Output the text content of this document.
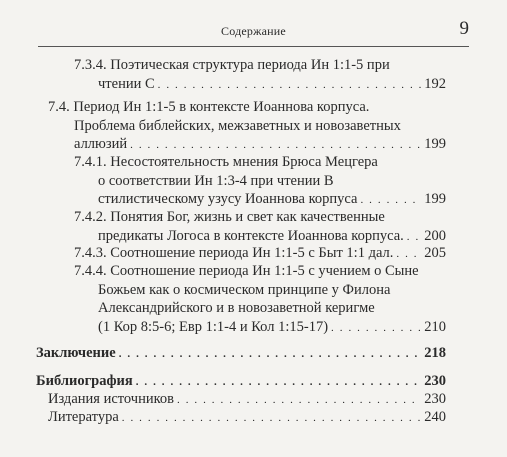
Содержание	9
7.3.4. Поэтическая структура периода Ин 1:1-5 при
чтении С . . .	192
7.4. Период Ин 1:1-5 в контексте Иоаннова корпуса.
Проблема библейских, межзаветных и новозаветных
аллюзий . . .	199
7.4.1. Несостоятельность мнения Брюса Мецгера
о соответствии Ин 1:3-4 при чтении В
стилистическому узусу Иоаннова корпуса . . .	199
7.4.2. Понятия Бог, жизнь и свет как качественные
предикаты Логоса в контексте Иоаннова корпуса. . . . 200
7.4.3. Соотношение периода Ин 1:1-5 с Быт 1:1 дал. . . . 205
7.4.4. Соотношение периода Ин 1:1-5 с учением о Сыне
Божьем как о космическом принципе у Филона
Александрийского и в новозаветной керигме
(1 Кор 8:5-6; Евр 1:1-4 и Кол 1:15-17) . . .	210
Заключение . . .	218
Библиография . . .	230
Издания источников . . .	230
Литература . . .	240
